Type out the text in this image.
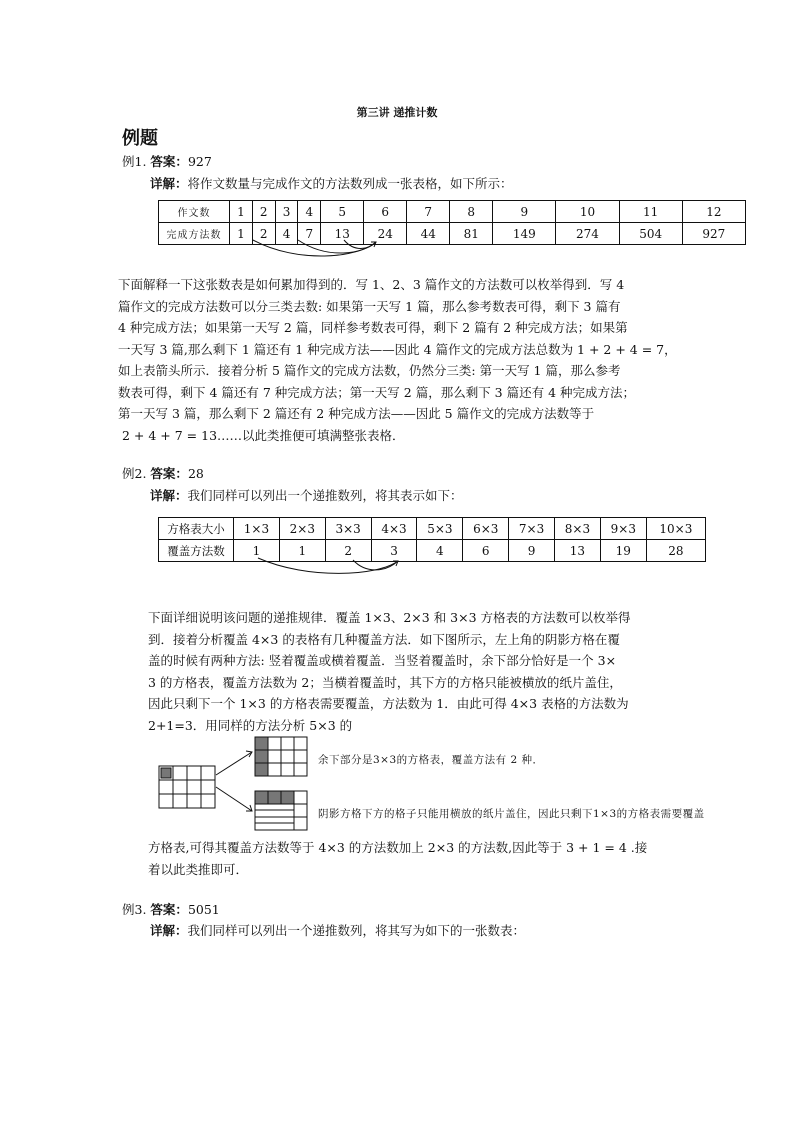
第三讲 递推计数
例题
例1. 答案：927
详解：将作文数量与完成作文的方法数列成一张表格，如下所示：
作文数	1	2	3	4	5	6	7	8	9	10	11	12
完成方法数	1	2	4	7	13	24	44	81	149	274	504	927
下面解释一下这张数表是如何累加得到的．写 1、2、3 篇作文的方法数可以枚举得到．写 4
篇作文的完成方法数可以分三类去数: 如果第一天写 1 篇，那么参考数表可得，剩下 3 篇有
4 种完成方法；如果第一天写 2 篇，同样参考数表可得，剩下 2 篇有 2 种完成方法；如果第
一天写 3 篇,那么剩下 1 篇还有 1 种完成方法——因此 4 篇作文的完成方法总数为 1 + 2 + 4 = 7，
如上表箭头所示．接着分析 5 篇作文的完成方法数，仍然分三类: 第一天写 1 篇，那么参考
数表可得，剩下 4 篇还有 7 种完成方法；第一天写 2 篇，那么剩下 3 篇还有 4 种完成方法；
第一天写 3 篇，那么剩下 2 篇还有 2 种完成方法——因此 5 篇作文的完成方法数等于
2 + 4 + 7 = 13……以此类推便可填满整张表格．
例2. 答案：28
详解：我们同样可以列出一个递推数列，将其表示如下：
方格表大小	1×3	2×3	3×3	4×3	5×3	6×3	7×3	8×3	9×3	10×3
覆盖方法数	1	1	2	3	4	6	9	13	19	28
下面详细说明该问题的递推规律．覆盖 1×3、2×3 和 3×3 方格表的方法数可以枚举得
到．接着分析覆盖 4×3 的表格有几种覆盖方法．如下图所示，左上角的阴影方格在覆
盖的时候有两种方法: 竖着覆盖或横着覆盖．当竖着覆盖时，余下部分恰好是一个 3×
3 的方格表，覆盖方法数为 2；当横着覆盖时，其下方的方格只能被横放的纸片盖住，
因此只剩下一个 1×3 的方格表需要覆盖，方法数为 1．由此可得 4×3 表格的方法数为
2+1=3．用同样的方法分析 5×3 的
余下部分是3×3的方格表，覆盖方法有 2 种．
阴影方格下方的格子只能用横放的纸片盖住，因此只剩下1×3的方格表需要覆盖
方格表,可得其覆盖方法数等于 4×3 的方法数加上 2×3 的方法数,因此等于 3 + 1 = 4 .接
着以此类推即可．
例3. 答案：5051
详解：我们同样可以列出一个递推数列，将其写为如下的一张数表：
